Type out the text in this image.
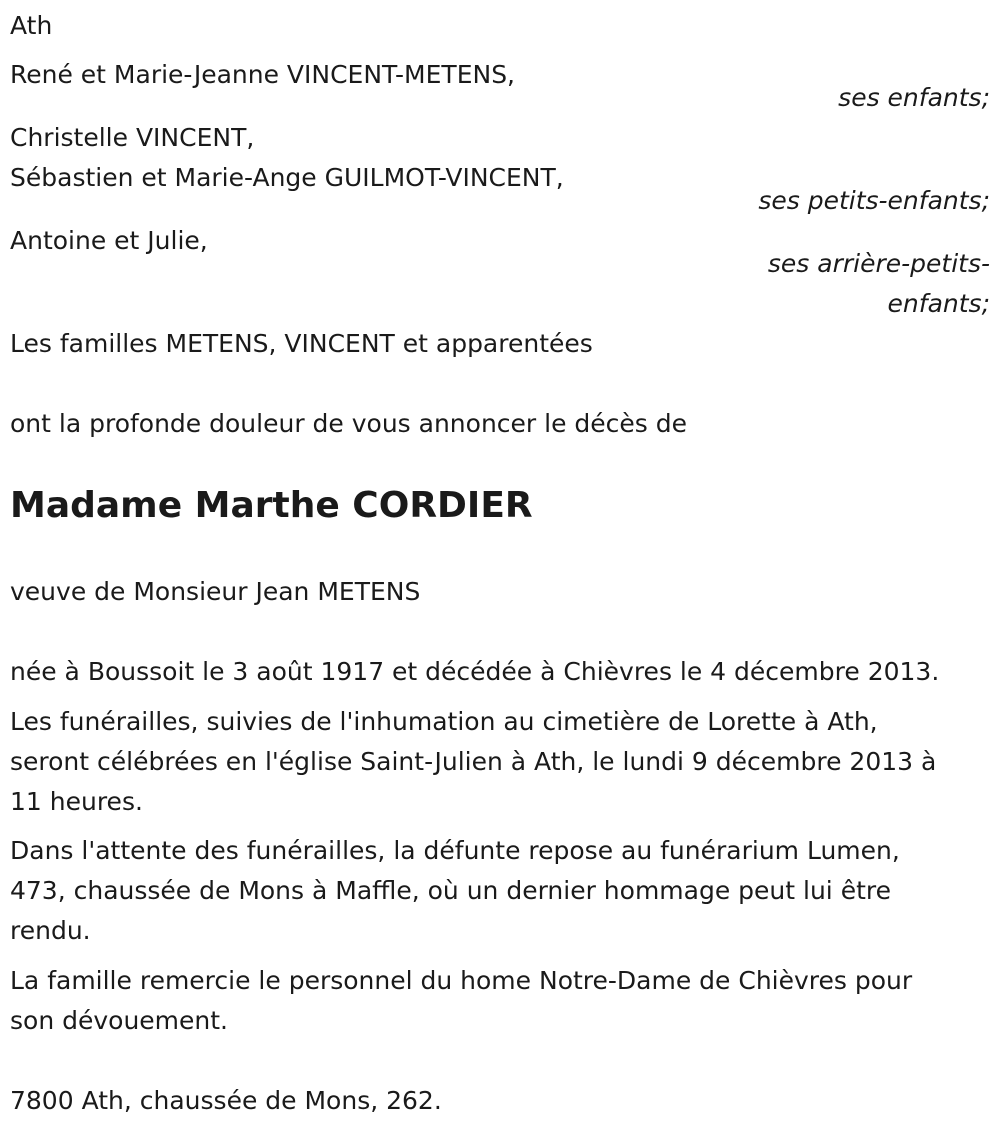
Ath
René et Marie-Jeanne VINCENT-METENS,
ses enfants;
Christelle VINCENT,
Sébastien et Marie-Ange GUILMOT-VINCENT,
ses petits-enfants;
Antoine et Julie,
ses arrière-petits-
enfants;
Les familles METENS, VINCENT et apparentées
ont la profonde douleur de vous annoncer le décès de
Madame Marthe CORDIER
veuve de Monsieur Jean METENS
née à Boussoit le 3 août 1917 et décédée à Chièvres le 4 décembre 2013.
Les funérailles, suivies de l'inhumation au cimetière de Lorette à Ath,
seront célébrées en l'église Saint-Julien à Ath, le lundi 9 décembre 2013 à
11 heures.
Dans l'attente des funérailles, la défunte repose au funérarium Lumen,
473, chaussée de Mons à Maffle, où un dernier hommage peut lui être
rendu.
La famille remercie le personnel du home Notre-Dame de Chièvres pour
son dévouement.
7800 Ath, chaussée de Mons, 262.
